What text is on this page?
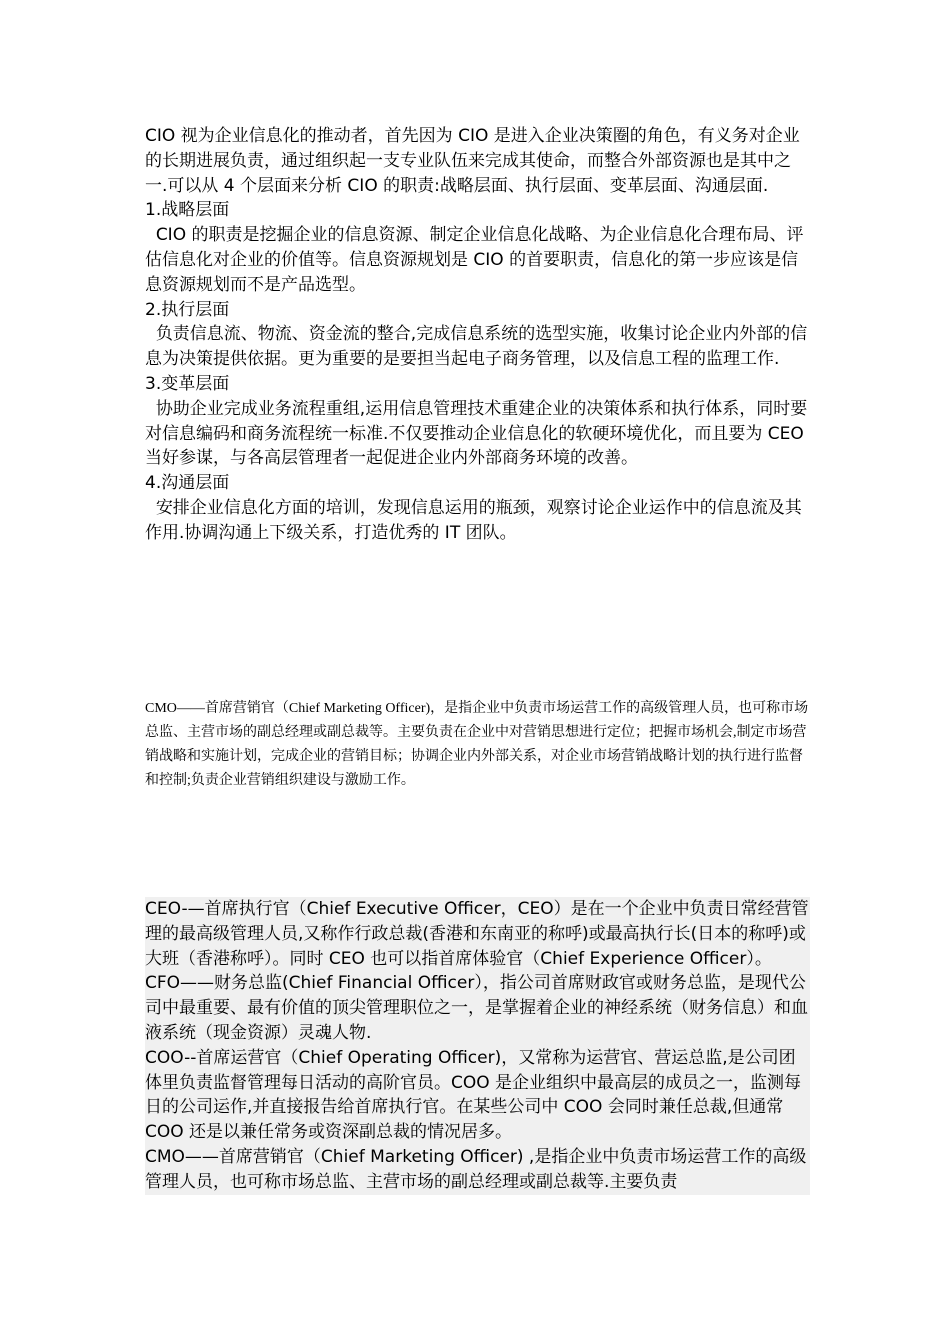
CIO 视为企业信息化的推动者，首先因为 CIO 是进入企业决策圈的角色，有义务对企业的长期进展负责，通过组织起一支专业队伍来完成其使命，而整合外部资源也是其中之一.可以从 4 个层面来分析 CIO 的职责:战略层面、执行层面、变革层面、沟通层面.

1.战略层面

CIO 的职责是挖掘企业的信息资源、制定企业信息化战略、为企业信息化合理布局、评估信息化对企业的价值等。信息资源规划是 CIO 的首要职责，信息化的第一步应该是信息资源规划而不是产品选型。

2.执行层面

负责信息流、物流、资金流的整合,完成信息系统的选型实施，收集讨论企业内外部的信息为决策提供依据。更为重要的是要担当起电子商务管理，以及信息工程的监理工作.

3.变革层面

协助企业完成业务流程重组,运用信息管理技术重建企业的决策体系和执行体系，同时要对信息编码和商务流程统一标准.不仅要推动企业信息化的软硬环境优化，而且要为 CEO 当好参谋，与各高层管理者一起促进企业内外部商务环境的改善。

4.沟通层面

安排企业信息化方面的培训，发现信息运用的瓶颈，观察讨论企业运作中的信息流及其作用.协调沟通上下级关系，打造优秀的 IT 团队。

CMO——首席营销官（Chief Marketing Officer)，是指企业中负责市场运营工作的高级管理人员，也可称市场总监、主营市场的副总经理或副总裁等。主要负责在企业中对营销思想进行定位；把握市场机会,制定市场营销战略和实施计划，完成企业的营销目标；协调企业内外部关系，对企业市场营销战略计划的执行进行监督和控制;负责企业营销组织建设与激励工作。

CEO-—首席执行官（Chief Executive Officer，CEO）是在一个企业中负责日常经营管理的最高级管理人员,又称作行政总裁(香港和东南亚的称呼)或最高执行长(日本的称呼)或大班（香港称呼）。同时 CEO 也可以指首席体验官（Chief Experience Officer）。

CFO——财务总监(Chief Financial Officer），指公司首席财政官或财务总监，是现代公司中最重要、最有价值的顶尖管理职位之一，是掌握着企业的神经系统（财务信息）和血液系统（现金资源）灵魂人物.

COO--首席运营官（Chief Operating Officer)，又常称为运营官、营运总监,是公司团体里负责监督管理每日活动的高阶官员。COO 是企业组织中最高层的成员之一，监测每日的公司运作,并直接报告给首席执行官。在某些公司中 COO 会同时兼任总裁,但通常 COO 还是以兼任常务或资深副总裁的情况居多。

CMO——首席营销官（Chief Marketing Officer) ,是指企业中负责市场运营工作的高级管理人员，也可称市场总监、主营市场的副总经理或副总裁等.主要负责
